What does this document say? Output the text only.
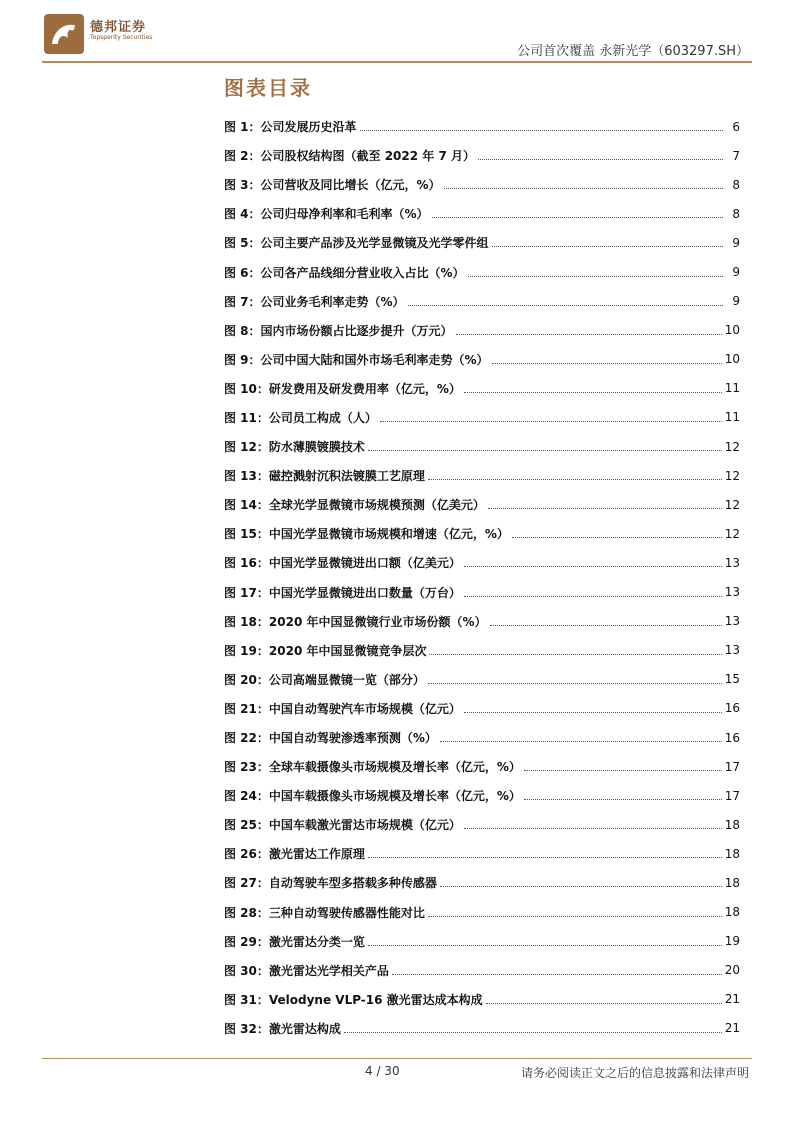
德邦证券
Topsperity Securities
公司首次覆盖 永新光学（603297.SH）
图表目录
图 1： 公司发展历史沿革	6
图 2： 公司股权结构图（截至 2022 年 7 月）	7
图 3： 公司营收及同比增长（亿元，%）	8
图 4： 公司归母净利率和毛利率（%）	8
图 5： 公司主要产品涉及光学显微镜及光学零件组	9
图 6： 公司各产品线细分营业收入占比（%）	9
图 7： 公司业务毛利率走势（%）	9
图 8： 国内市场份额占比逐步提升（万元）	10
图 9： 公司中国大陆和国外市场毛利率走势（%）	10
图 10： 研发费用及研发费用率（亿元，%）	11
图 11： 公司员工构成（人）	11
图 12： 防水薄膜镀膜技术	12
图 13： 磁控溅射沉积法镀膜工艺原理	12
图 14： 全球光学显微镜市场规模预测（亿美元）	12
图 15： 中国光学显微镜市场规模和增速（亿元，%）	12
图 16： 中国光学显微镜进出口额（亿美元）	13
图 17： 中国光学显微镜进出口数量（万台）	13
图 18： 2020 年中国显微镜行业市场份额（%）	13
图 19： 2020 年中国显微镜竞争层次	13
图 20： 公司高端显微镜一览（部分）	15
图 21： 中国自动驾驶汽车市场规模（亿元）	16
图 22： 中国自动驾驶渗透率预测（%）	16
图 23： 全球车载摄像头市场规模及增长率（亿元，%）	17
图 24： 中国车载摄像头市场规模及增长率（亿元，%）	17
图 25： 中国车载激光雷达市场规模（亿元）	18
图 26： 激光雷达工作原理	18
图 27： 自动驾驶车型多搭载多种传感器	18
图 28： 三种自动驾驶传感器性能对比	18
图 29： 激光雷达分类一览	19
图 30： 激光雷达光学相关产品	20
图 31： Velodyne VLP-16 激光雷达成本构成	21
图 32： 激光雷达构成	21
4 / 30	请务必阅读正文之后的信息披露和法律声明
